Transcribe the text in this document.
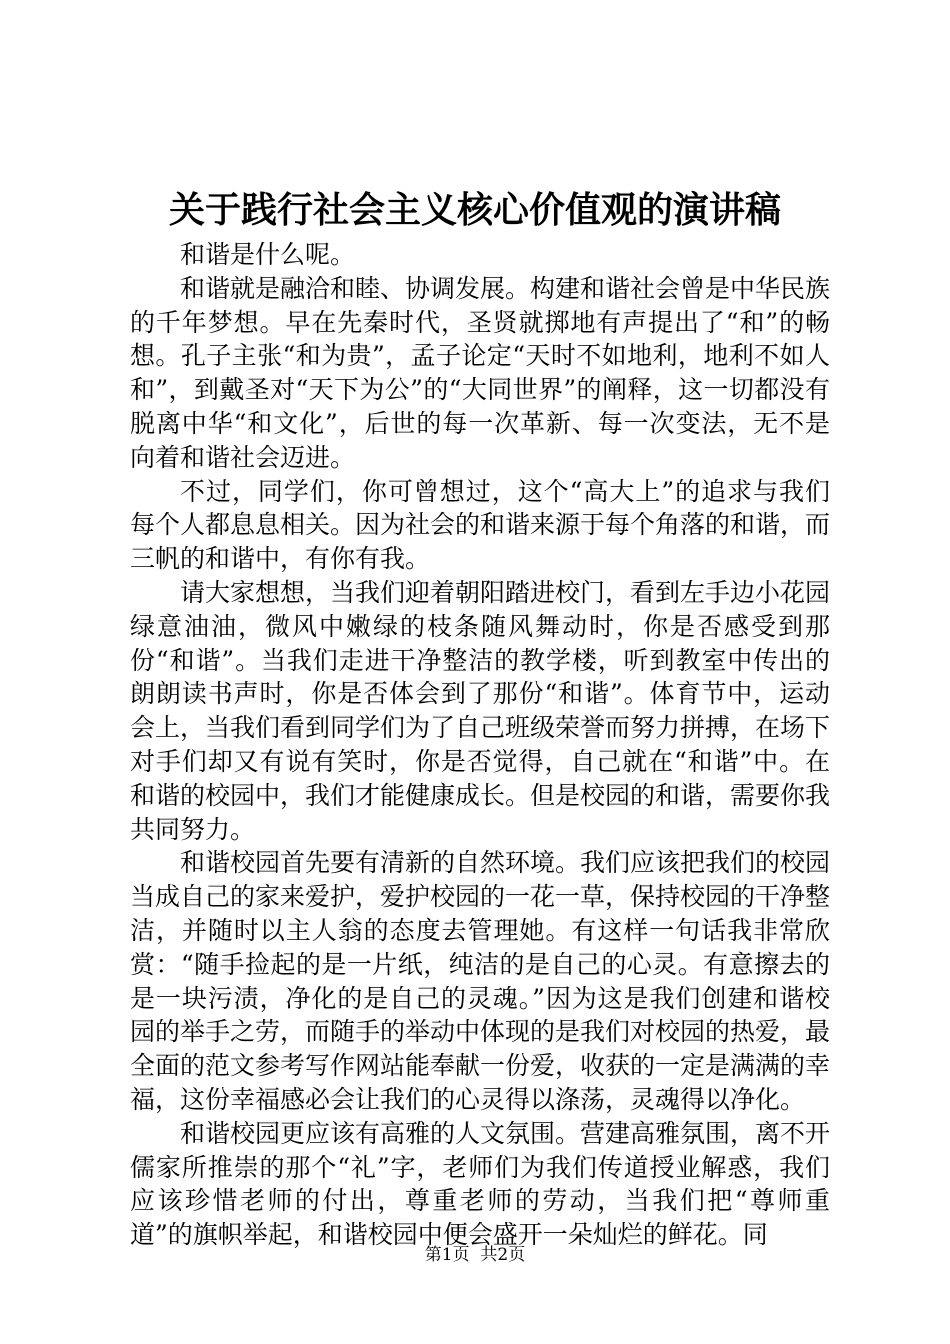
关于践行社会主义核心价值观的演讲稿

和谐是什么呢。

和谐就是融洽和睦、协调发展。构建和谐社会曾是中华民族的千年梦想。早在先秦时代，圣贤就掷地有声提出了“和”的畅想。孔子主张“和为贵”，孟子论定“天时不如地利，地利不如人和”，到戴圣对“天下为公”的“大同世界”的阐释，这一切都没有脱离中华“和文化”，后世的每一次革新、每一次变法，无不是向着和谐社会迈进。

不过，同学们，你可曾想过，这个“高大上”的追求与我们每个人都息息相关。因为社会的和谐来源于每个角落的和谐，而三帆的和谐中，有你有我。

请大家想想，当我们迎着朝阳踏进校门，看到左手边小花园绿意油油，微风中嫩绿的枝条随风舞动时，你是否感受到那份“和谐”。当我们走进干净整洁的教学楼，听到教室中传出的朗朗读书声时，你是否体会到了那份“和谐”。体育节中，运动会上，当我们看到同学们为了自己班级荣誉而努力拼搏，在场下对手们却又有说有笑时，你是否觉得，自己就在“和谐”中。在和谐的校园中，我们才能健康成长。但是校园的和谐，需要你我共同努力。

和谐校园首先要有清新的自然环境。我们应该把我们的校园当成自己的家来爱护，爱护校园的一花一草，保持校园的干净整洁，并随时以主人翁的态度去管理她。有这样一句话我非常欣赏：“随手捡起的是一片纸，纯洁的是自己的心灵。有意擦去的是一块污渍，净化的是自己的灵魂。”因为这是我们创建和谐校园的举手之劳，而随手的举动中体现的是我们对校园的热爱，最全面的范文参考写作网站能奉献一份爱，收获的一定是满满的幸福，这份幸福感必会让我们的心灵得以涤荡，灵魂得以净化。

和谐校园更应该有高雅的人文氛围。营建高雅氛围，离不开儒家所推崇的那个“礼”字，老师们为我们传道授业解惑，我们应该珍惜老师的付出，尊重老师的劳动，当我们把“尊师重道”的旗帜举起，和谐校园中便会盛开一朵灿烂的鲜花。同

第1页  共2页
